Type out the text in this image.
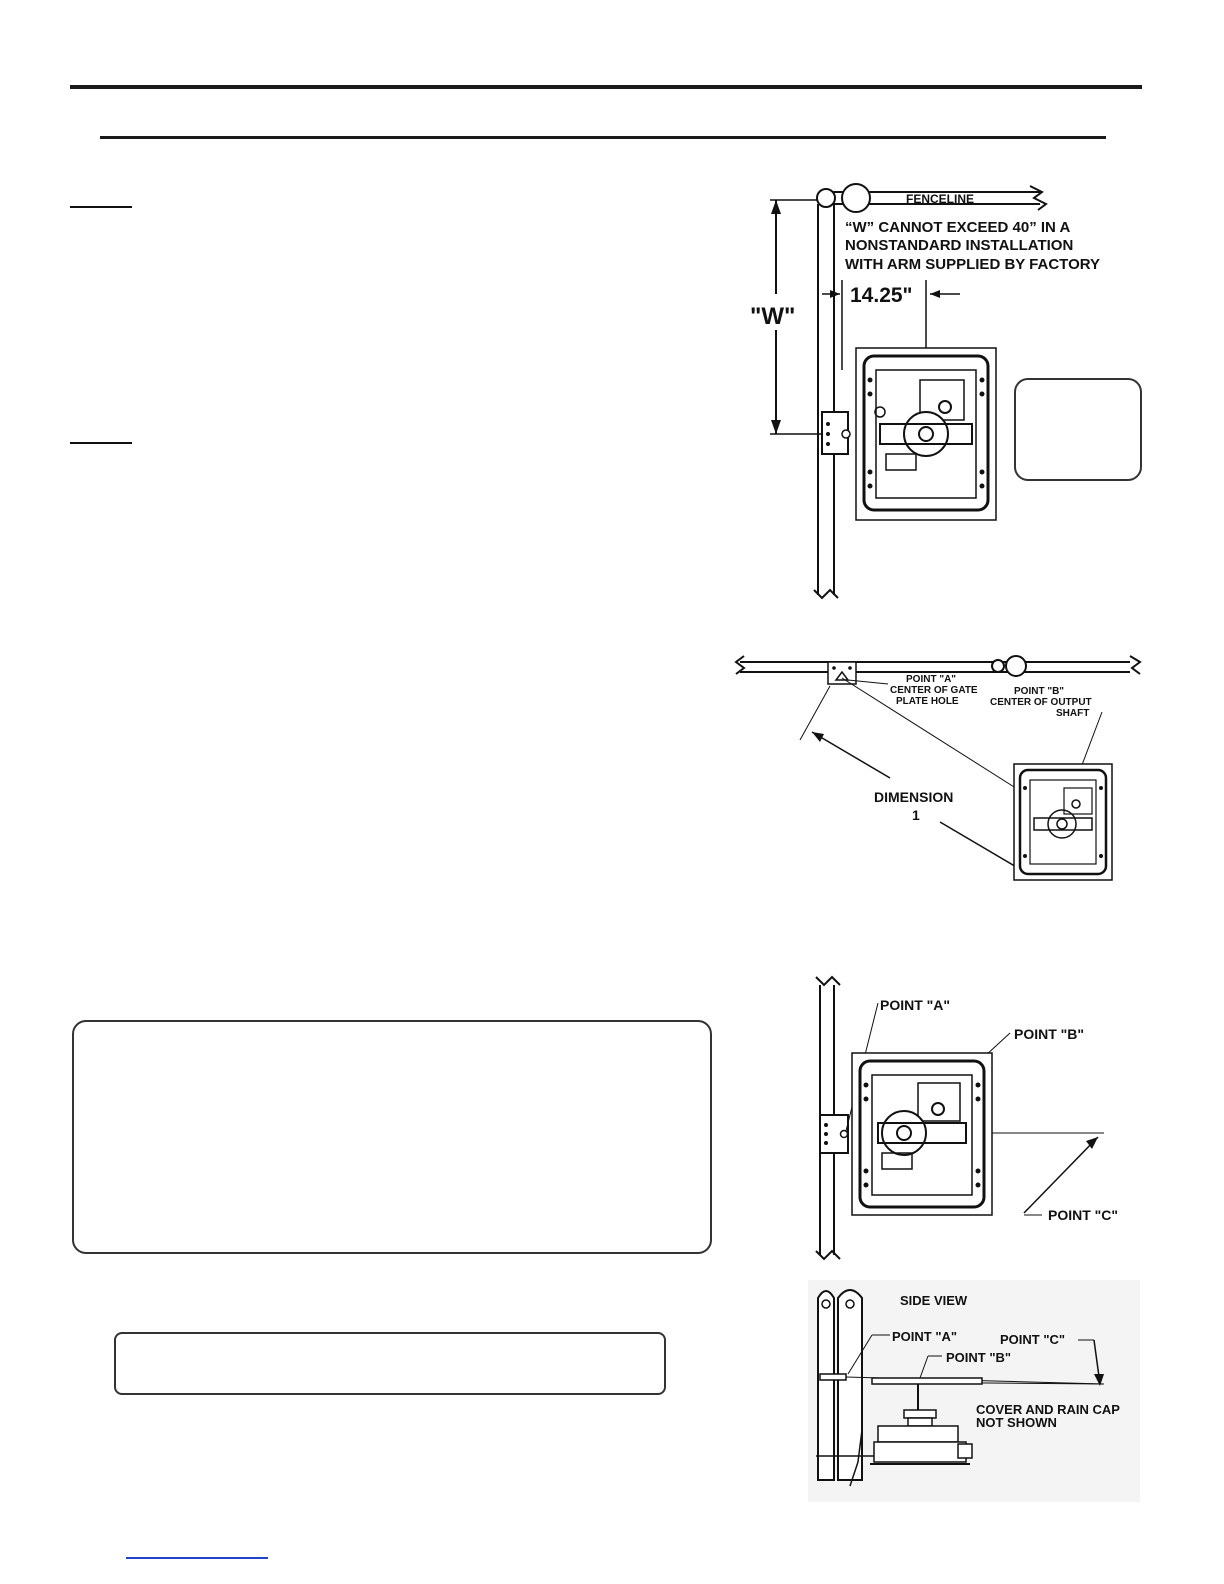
"W"
FENCELINE
“W” CANNOT EXCEED 40” IN A
NONSTANDARD INSTALLATION
WITH ARM SUPPLIED BY FACTORY
14.25"
POINT "A"
CENTER OF GATE
PLATE HOLE
POINT "B"
CENTER OF OUTPUT
SHAFT
DIMENSION
1
POINT "A"
POINT "B"
POINT "C"
SIDE VIEW
POINT "A"
POINT "B"
POINT "C"
COVER AND RAIN CAP
NOT SHOWN
